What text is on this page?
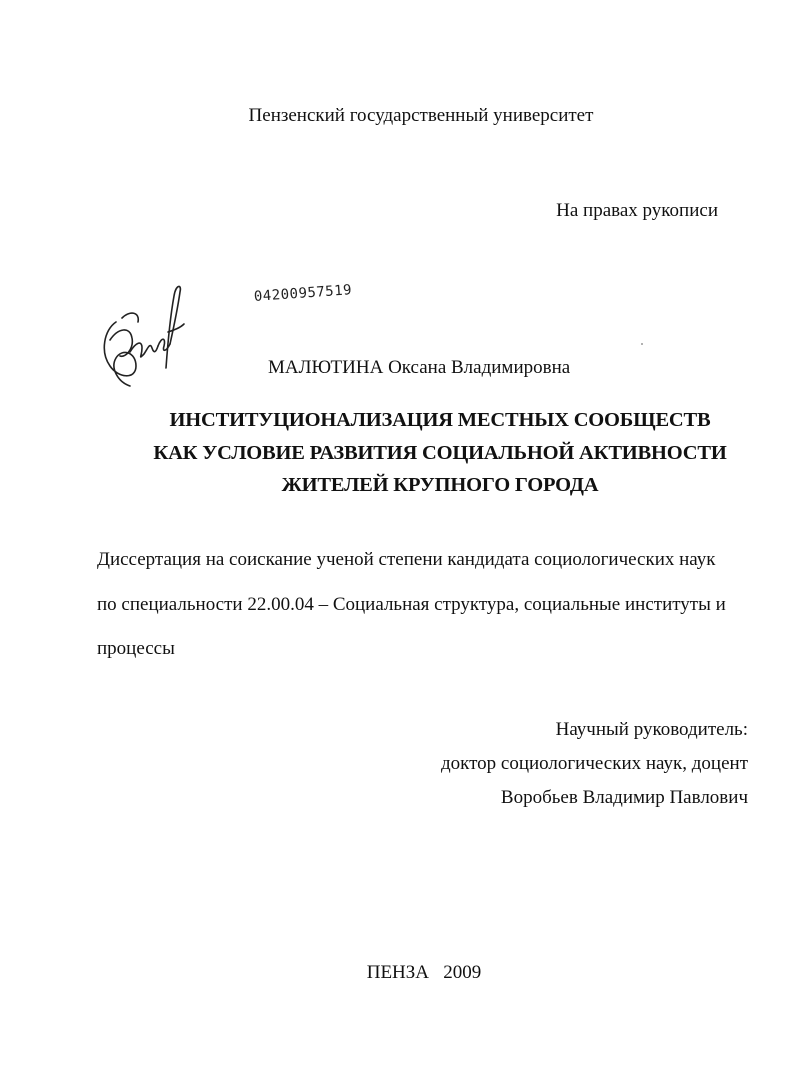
Пензенский государственный университет
На правах рукописи
04200957519
МАЛЮТИНА Оксана Владимировна
ИНСТИТУЦИОНАЛИЗАЦИЯ МЕСТНЫХ СООБЩЕСТВ
КАК УСЛОВИЕ РАЗВИТИЯ СОЦИАЛЬНОЙ АКТИВНОСТИ
ЖИТЕЛЕЙ КРУПНОГО ГОРОДА
Диссертация на соискание ученой степени кандидата социологических наук
по специальности 22.00.04 – Социальная структура, социальные институты и
процессы
Научный руководитель:
доктор социологических наук, доцент
Воробьев Владимир Павлович
ПЕНЗА   2009
